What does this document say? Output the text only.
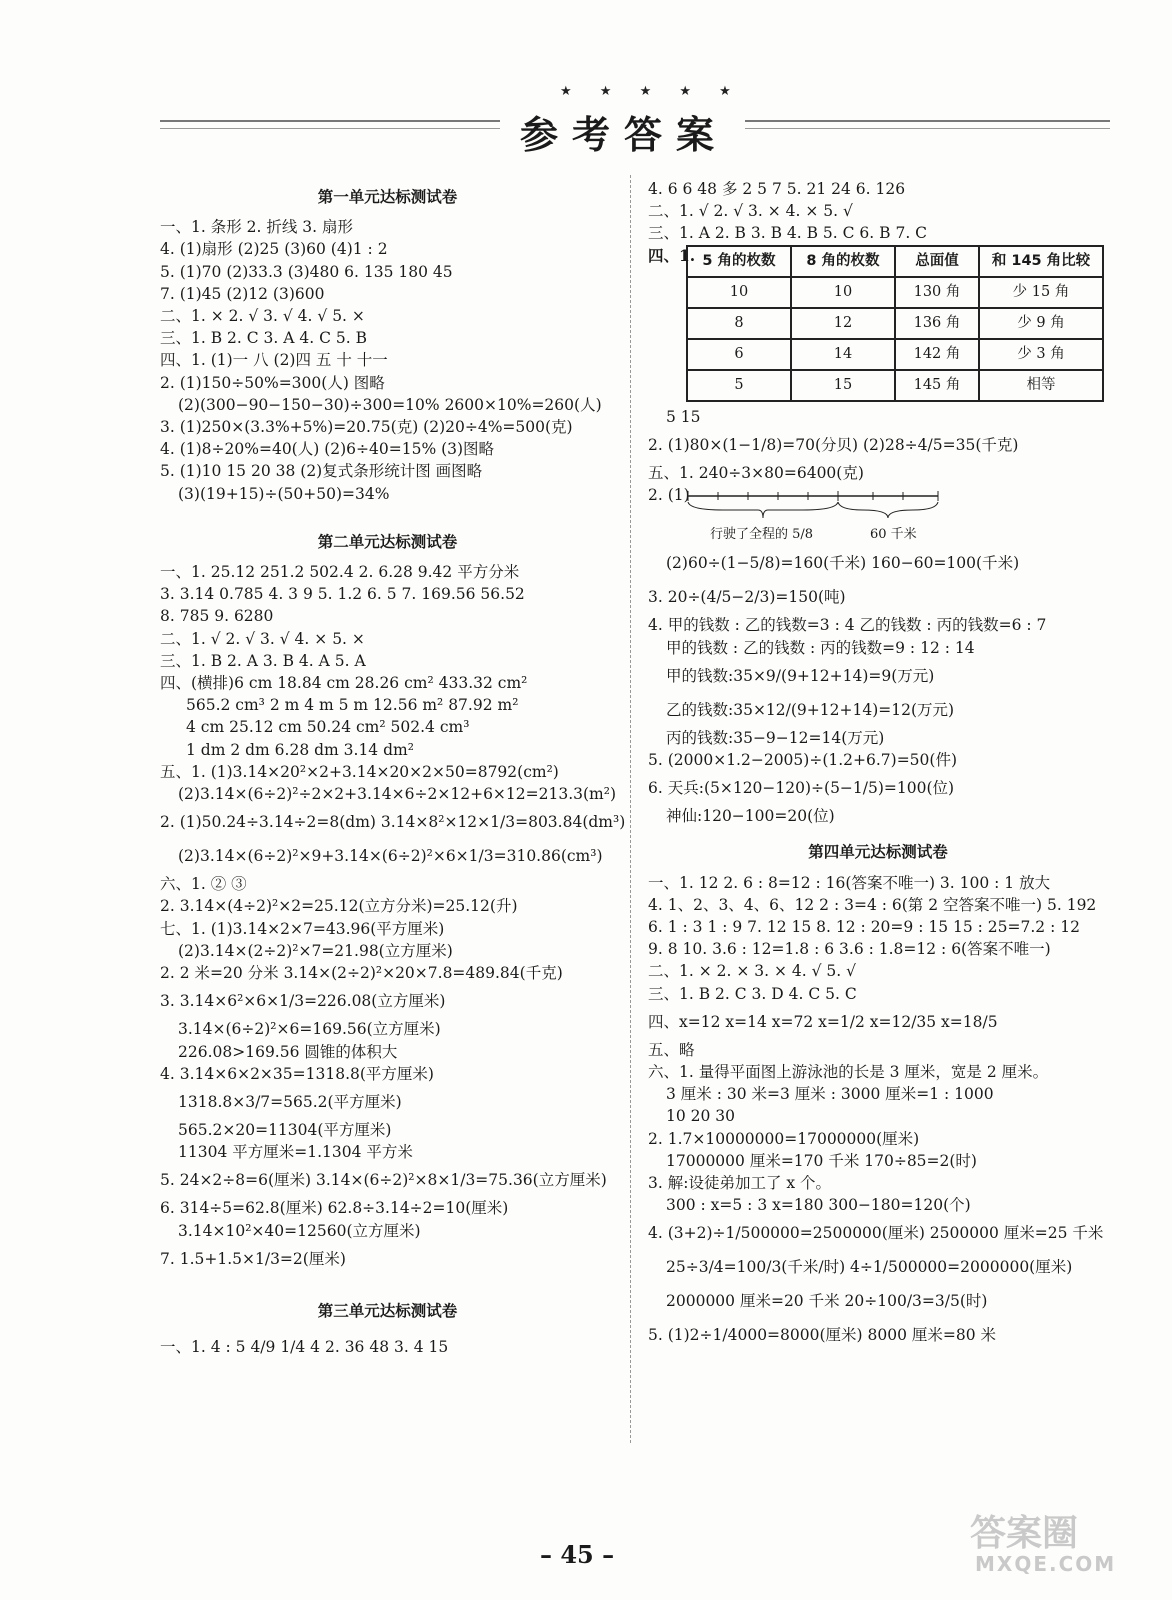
★ ★ ★ ★ ★
参考答案
第一单元达标测试卷
一、1. 条形 2. 折线 3. 扇形
4. (1)扇形 (2)25 (3)60 (4)1 : 2
5. (1)70 (2)33.3 (3)480 6. 135 180 45
7. (1)45 (2)12 (3)600
二、1. × 2. √ 3. √ 4. √ 5. ×
三、1. B 2. C 3. A 4. C 5. B
四、1. (1)一 八 (2)四 五 十 十一
2. (1)150÷50%=300(人) 图略
(2)(300−90−150−30)÷300=10% 2600×10%=260(人)
3. (1)250×(3.3%+5%)=20.75(克) (2)20÷4%=500(克)
4. (1)8÷20%=40(人) (2)6÷40=15% (3)图略
5. (1)10 15 20 38 (2)复式条形统计图 画图略
(3)(19+15)÷(50+50)=34%
第二单元达标测试卷
一、1. 25.12 251.2 502.4 2. 6.28 9.42 平方分米
3. 3.14 0.785 4. 3 9 5. 1.2 6. 5 7. 169.56 56.52
8. 785 9. 6280
二、1. √ 2. √ 3. √ 4. × 5. ×
三、1. B 2. A 3. B 4. A 5. A
四、(横排)6 cm 18.84 cm 28.26 cm² 433.32 cm²
565.2 cm³ 2 m 4 m 5 m 12.56 m² 87.92 m²
4 cm 25.12 cm 50.24 cm² 502.4 cm³
1 dm 2 dm 6.28 dm 3.14 dm²
五、1. (1)3.14×20²×2+3.14×20×2×50=8792(cm²)
(2)3.14×(6÷2)²÷2×2+3.14×6÷2×12+6×12=213.3(m²)
2. (1)50.24÷3.14÷2=8(dm) 3.14×8²×12×1/3=803.84(dm³)
(2)3.14×(6÷2)²×9+3.14×(6÷2)²×6×1/3=310.86(cm³)
六、1. ② ③
2. 3.14×(4÷2)²×2=25.12(立方分米)=25.12(升)
七、1. (1)3.14×2×7=43.96(平方厘米)
(2)3.14×(2÷2)²×7=21.98(立方厘米)
2. 2 米=20 分米 3.14×(2÷2)²×20×7.8=489.84(千克)
3. 3.14×6²×6×1/3=226.08(立方厘米)
3.14×(6÷2)²×6=169.56(立方厘米)
226.08>169.56 圆锥的体积大
4. 3.14×6×2×35=1318.8(平方厘米)
1318.8×3/7=565.2(平方厘米)
565.2×20=11304(平方厘米)
11304 平方厘米=1.1304 平方米
5. 24×2÷8=6(厘米) 3.14×(6÷2)²×8×1/3=75.36(立方厘米)
6. 314÷5=62.8(厘米) 62.8÷3.14÷2=10(厘米)
3.14×10²×40=12560(立方厘米)
7. 1.5+1.5×1/3=2(厘米)
第三单元达标测试卷
一、1. 4 : 5 4/9 1/4 4 2. 36 48 3. 4 15
4. 6 6 48 多 2 5 7 5. 21 24 6. 126
二、1. √ 2. √ 3. × 4. × 5. √
三、1. A 2. B 3. B 4. B 5. C 6. B 7. C
四、1. 5 角的枚数	8 角的枚数	总面值	和 145 角比较
10	10	130 角	少 15 角
8	12	136 角	少 9 角
6	14	142 角	少 3 角
5	15	145 角	相等
5 15
2. (1)80×(1−1/8)=70(分贝) (2)28÷4/5=35(千克)
五、1. 240÷3×80=6400(克)
2. (1)
行驶了全程的 5/8	60 千米
(2)60÷(1−5/8)=160(千米) 160−60=100(千米)
3. 20÷(4/5−2/3)=150(吨)
4. 甲的钱数 : 乙的钱数=3 : 4 乙的钱数 : 丙的钱数=6 : 7
甲的钱数 : 乙的钱数 : 丙的钱数=9 : 12 : 14
甲的钱数:35×9/(9+12+14)=9(万元)
乙的钱数:35×12/(9+12+14)=12(万元)
丙的钱数:35−9−12=14(万元)
5. (2000×1.2−2005)÷(1.2+6.7)=50(件)
6. 天兵:(5×120−120)÷(5−1/5)=100(位)
神仙:120−100=20(位)
第四单元达标测试卷
一、1. 12 2. 6 : 8=12 : 16(答案不唯一) 3. 100 : 1 放大
4. 1、2、3、4、6、12 2 : 3=4 : 6(第 2 空答案不唯一) 5. 192
6. 1 : 3 1 : 9 7. 12 15 8. 12 : 20=9 : 15 15 : 25=7.2 : 12
9. 8 10. 3.6 : 12=1.8 : 6 3.6 : 1.8=12 : 6(答案不唯一)
二、1. × 2. × 3. × 4. √ 5. √
三、1. B 2. C 3. D 4. C 5. C
四、x=12 x=14 x=72 x=1/2 x=12/35 x=18/5
五、略
六、1. 量得平面图上游泳池的长是 3 厘米，宽是 2 厘米。
3 厘米 : 30 米=3 厘米 : 3000 厘米=1 : 1000
10 20 30
2. 1.7×10000000=17000000(厘米)
17000000 厘米=170 千米 170÷85=2(时)
3. 解:设徒弟加工了 x 个。
300 : x=5 : 3 x=180 300−180=120(个)
4. (3+2)÷1/500000=2500000(厘米) 2500000 厘米=25 千米
25÷3/4=100/3(千米/时) 4÷1/500000=2000000(厘米)
2000000 厘米=20 千米 20÷100/3=3/5(时)
5. (1)2÷1/4000=8000(厘米) 8000 厘米=80 米
– 45 –
答案圈
MXQE.COM
